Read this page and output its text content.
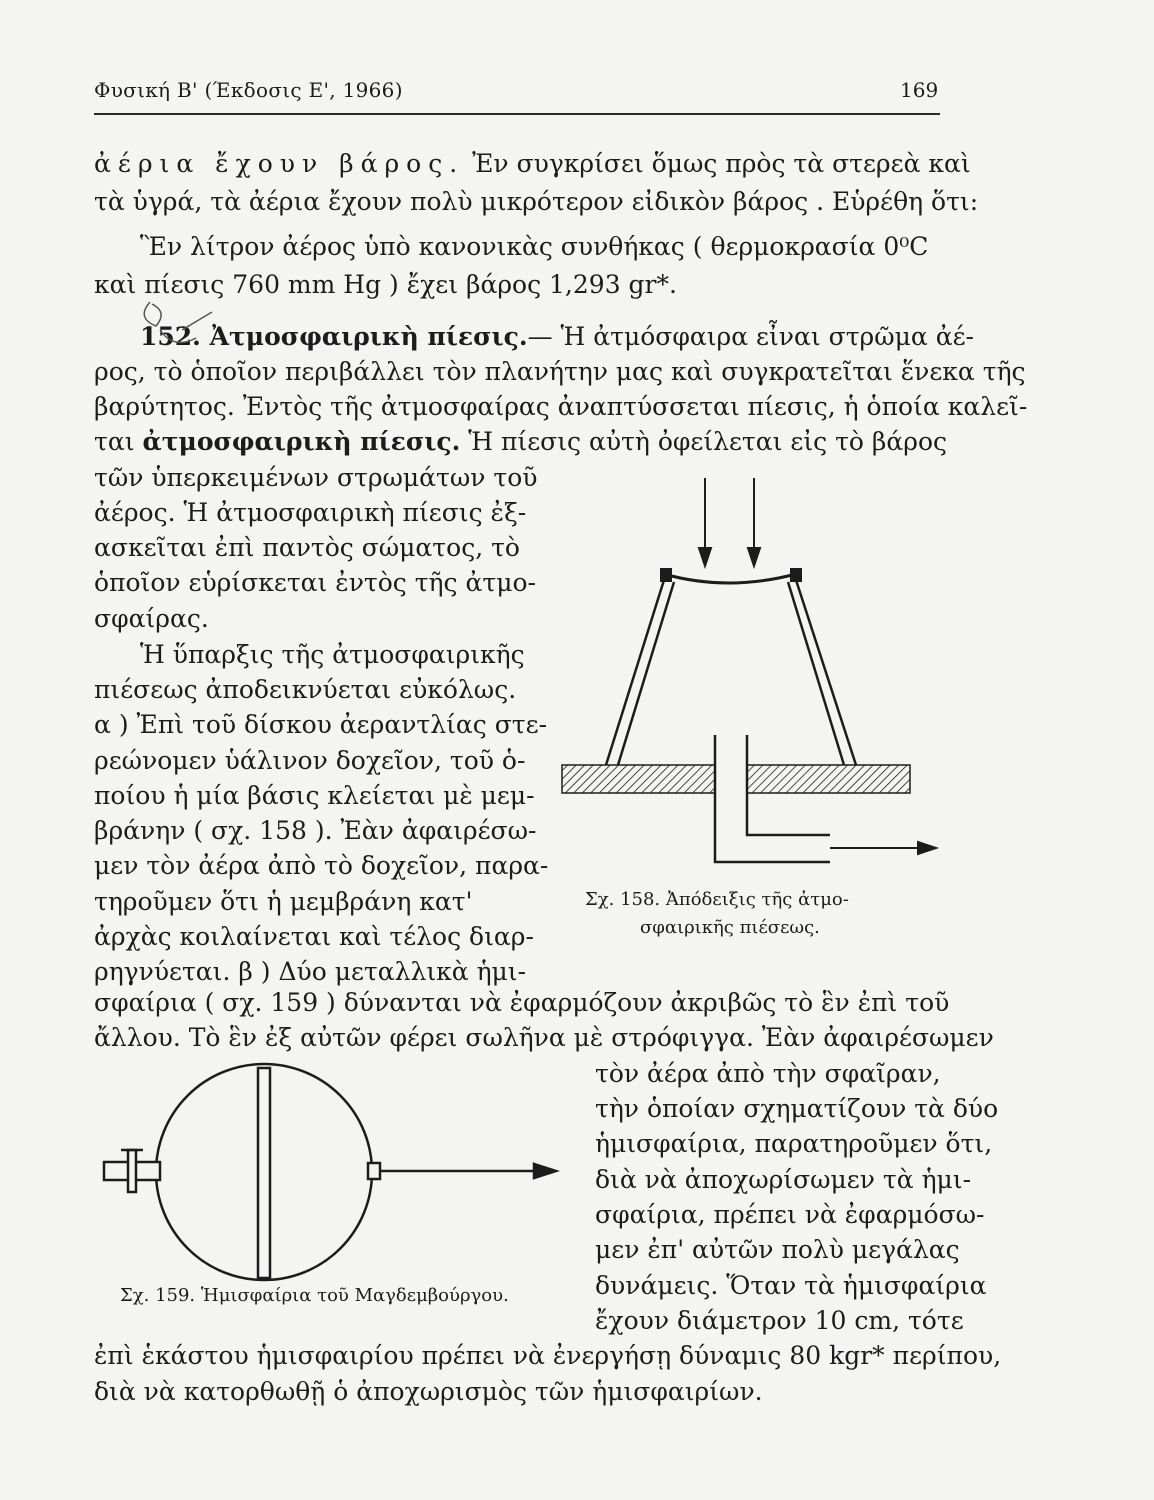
Φυσική Β' (Έκδοσις Ε', 1966)	169
ἀέρια ἔχουν βάρος. Ἐν συγκρίσει ὅμως πρὸς τὰ στερεὰ καὶ
τὰ ὑγρά, τὰ ἀέρια ἔχουν πολὺ μικρότερον εἰδικὸν βάρος . Εὑρέθη ὅτι:
Ἓν λίτρον ἀέρος ὑπὸ κανονικὰς συνθήκας ( θερμοκρασία 0⁰C
καὶ πίεσις 760 mm Hg ) ἔχει βάρος 1,293 gr*.
152. Ἀτμοσφαιρικὴ πίεσις.— Ἡ ἀτμόσφαιρα εἶναι στρῶμα ἀέ-
ρος, τὸ ὁποῖον περιβάλλει τὸν πλανήτην μας καὶ συγκρατεῖται ἕνεκα τῆς
βαρύτητος. Ἐντὸς τῆς ἀτμοσφαίρας ἀναπτύσσεται πίεσις, ἡ ὁποία καλεῖ-
ται ἀτμοσφαιρικὴ πίεσις. Ἡ πίεσις αὐτὴ ὀφείλεται εἰς τὸ βάρος
τῶν ὑπερκειμένων στρωμάτων τοῦ
ἀέρος. Ἡ ἀτμοσφαιρικὴ πίεσις ἐξ-
ασκεῖται ἐπὶ παντὸς σώματος, τὸ
ὁποῖον εὑρίσκεται ἐντὸς τῆς ἀτμο-
σφαίρας.
Ἡ ὕπαρξις τῆς ἀτμοσφαιρικῆς
πιέσεως ἀποδεικνύεται εὐκόλως.
α ) Ἐπὶ τοῦ δίσκου ἀεραντλίας στε-
ρεώνομεν ὑάλινον δοχεῖον, τοῦ ὁ-
ποίου ἡ μία βάσις κλείεται μὲ μεμ-
βράνην ( σχ. 158 ). Ἐὰν ἀφαιρέσω-
μεν τὸν ἀέρα ἀπὸ τὸ δοχεῖον, παρα-
τηροῦμεν ὅτι ἡ μεμβράνη κατ'
ἀρχὰς κοιλαίνεται καὶ τέλος διαρ-
ρηγνύεται. β ) Δύο μεταλλικὰ ἡμι-
σφαίρια ( σχ. 159 ) δύνανται νὰ ἐφαρμόζουν ἀκριβῶς τὸ ἓν ἐπὶ τοῦ
ἄλλου. Τὸ ἓν ἐξ αὐτῶν φέρει σωλῆνα μὲ στρόφιγγα. Ἐὰν ἀφαιρέσωμεν
τὸν ἀέρα ἀπὸ τὴν σφαῖραν,
τὴν ὁποίαν σχηματίζουν τὰ δύο
ἡμισφαίρια, παρατηροῦμεν ὅτι,
διὰ νὰ ἀποχωρίσωμεν τὰ ἡμι-
σφαίρια, πρέπει νὰ ἐφαρμόσω-
μεν ἐπ' αὐτῶν πολὺ μεγάλας
δυνάμεις. Ὅταν τὰ ἡμισφαίρια
ἔχουν διάμετρον 10 cm, τότε
ἐπὶ ἑκάστου ἡμισφαιρίου πρέπει νὰ ἐνεργήσῃ δύναμις 80 kgr* περίπου,
διὰ νὰ κατορθωθῇ ὁ ἀποχωρισμὸς τῶν ἡμισφαιρίων.
Σχ. 158. Ἀπόδειξις τῆς ἀτμο-
σφαιρικῆς πιέσεως.
Σχ. 159. Ἡμισφαίρια τοῦ Μαγδεμβούργου.
